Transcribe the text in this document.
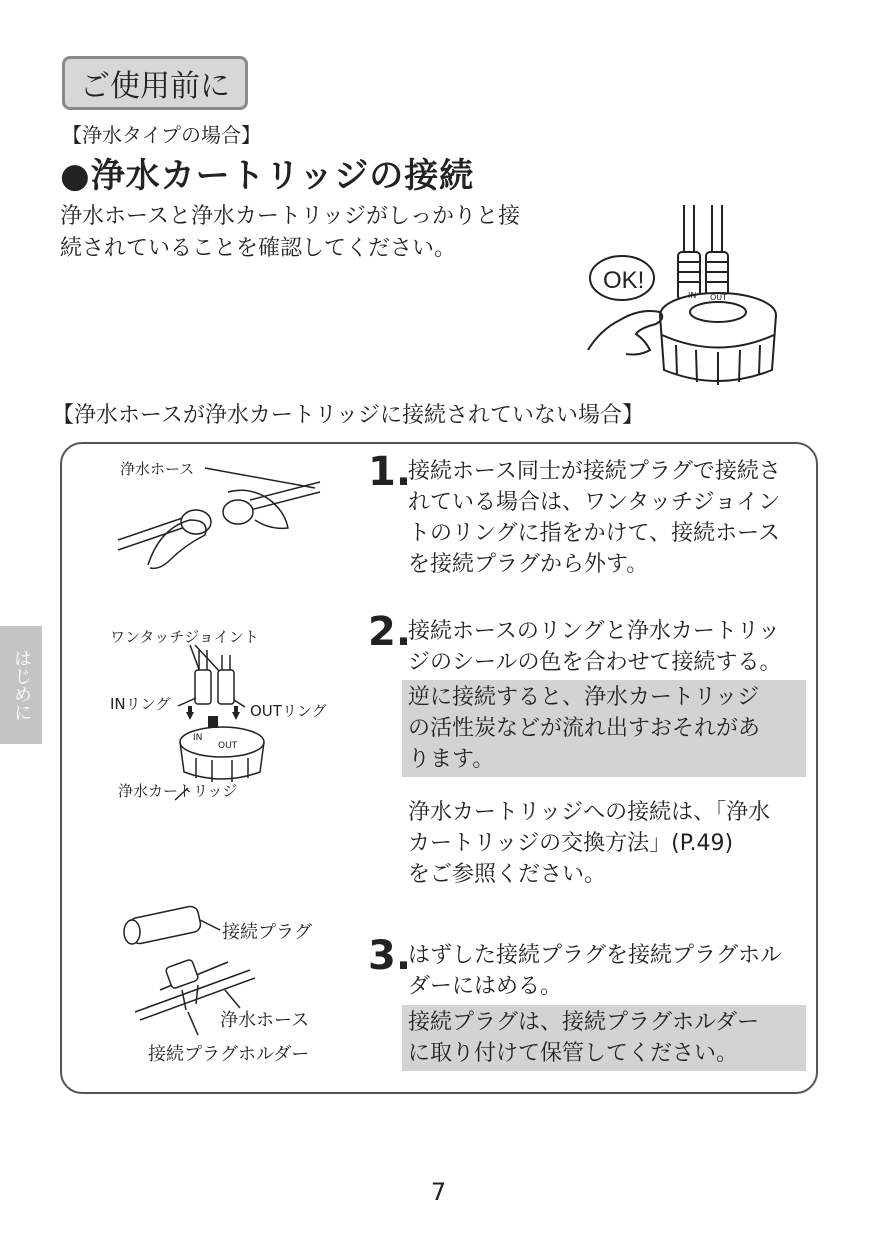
ご使用前に
【浄水タイプの場合】
●浄水カートリッジの接続
浄水ホースと浄水カートリッジがしっかりと接
続されていることを確認してください。
OK!
IN OUT
【浄水ホースが浄水カートリッジに接続されていない場合】
はじめに
浄水ホース
IN
OUT
ワンタッチジョイント
INリング	OUTリング
浄水カートリッジ
接続プラグ
浄水ホース
接続プラグホルダー
1.
接続ホース同士が接続プラグで接続さ
れている場合は、ワンタッチジョイン
トのリングに指をかけて、接続ホース
を接続プラグから外す。
2.
接続ホースのリングと浄水カートリッ
ジのシールの色を合わせて接続する。
逆に接続すると、浄水カートリッジ
の活性炭などが流れ出すおそれがあ
ります。
浄水カートリッジへの接続は、「浄水
カートリッジの交換方法」(P.49)
をご参照ください。
3.
はずした接続プラグを接続プラグホル
ダーにはめる。
接続プラグは、接続プラグホルダー
に取り付けて保管してください。
7
